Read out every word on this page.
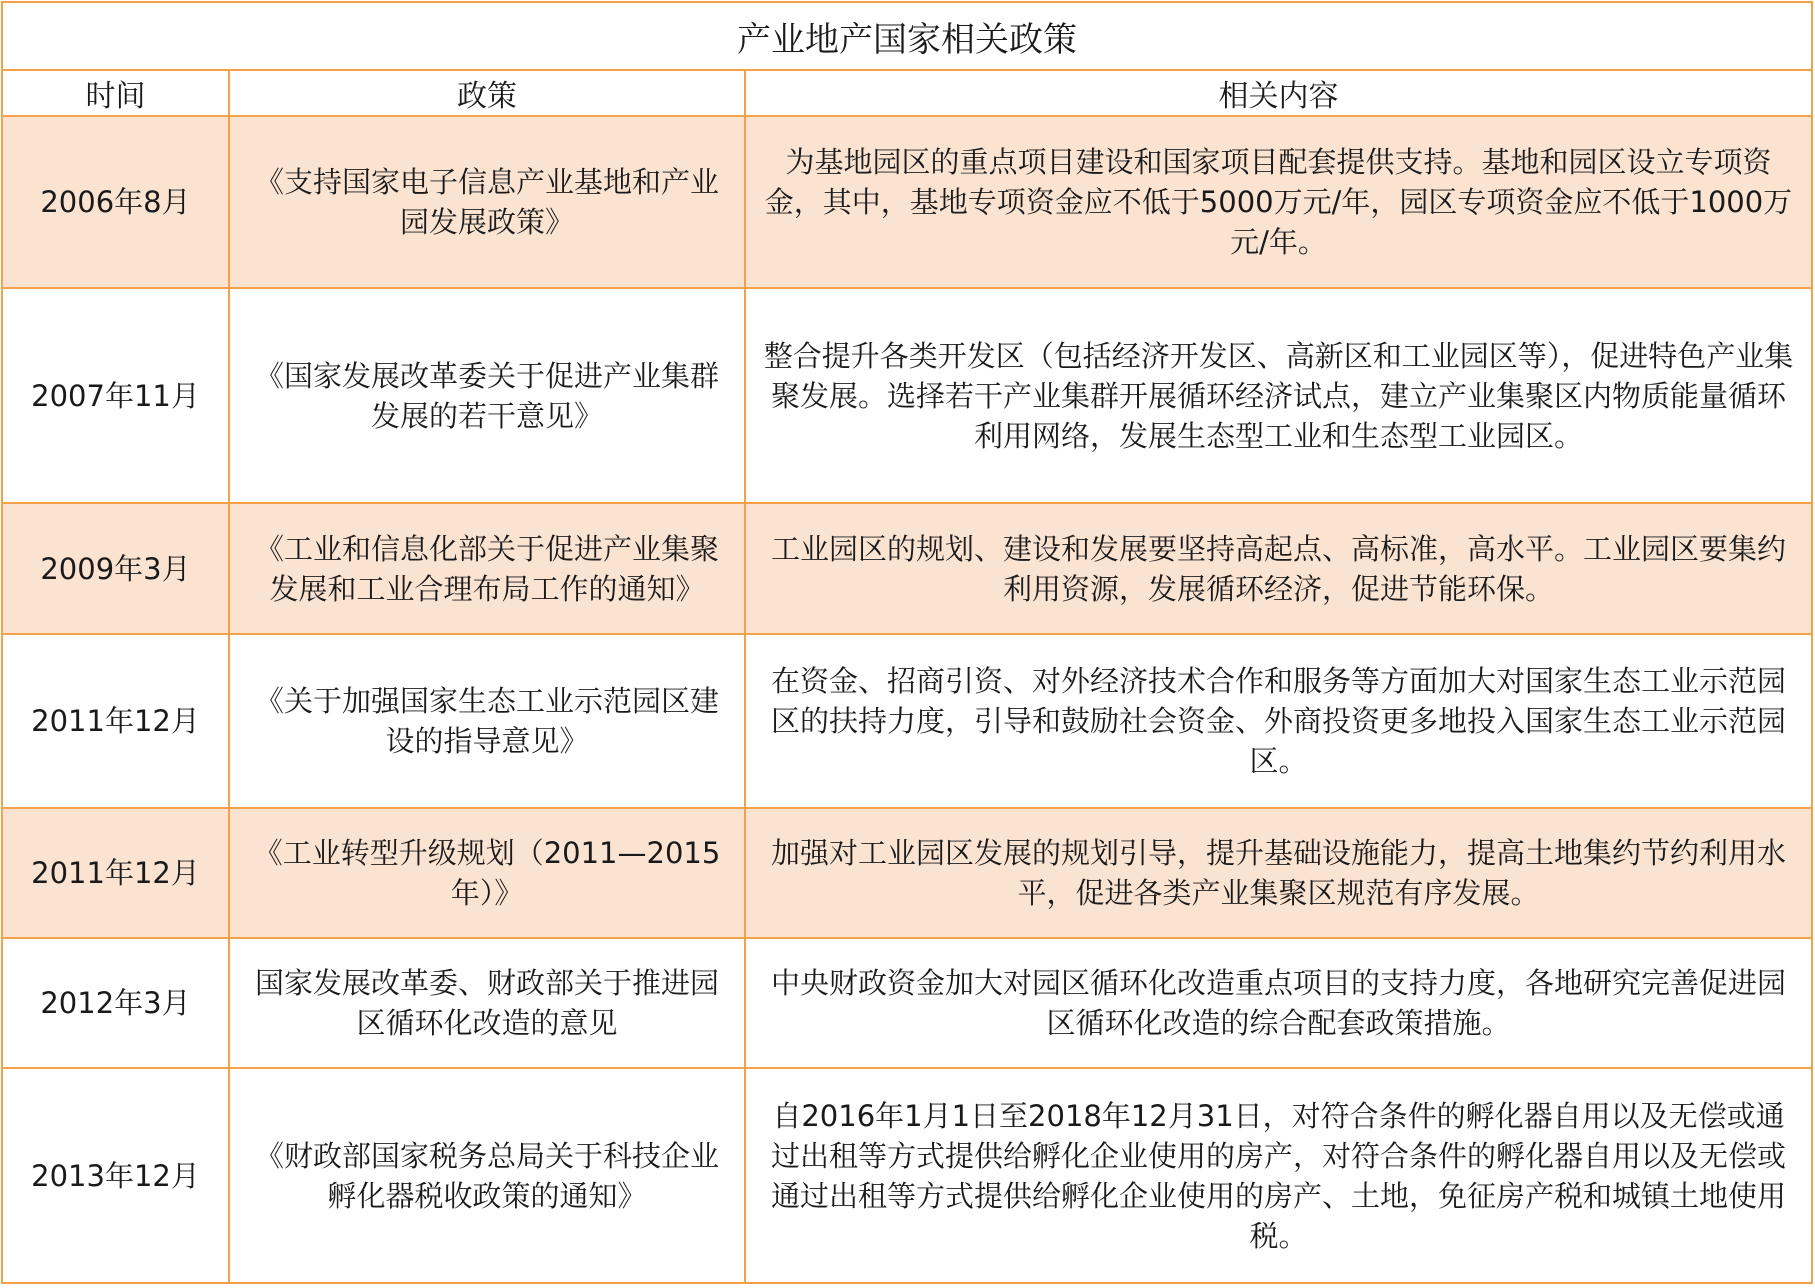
产业地产国家相关政策		
时间	政策	相关内容
2006年8月	《支持国家电子信息产业基地和产业园发展政策》	为基地园区的重点项目建设和国家项目配套提供支持。基地和园区设立专项资金，其中，基地专项资金应不低于5000万元/年，园区专项资金应不低于1000万元/年。
2007年11月	《国家发展改革委关于促进产业集群发展的若干意见》	整合提升各类开发区（包括经济开发区、高新区和工业园区等），促进特色产业集聚发展。选择若干产业集群开展循环经济试点，建立产业集聚区内物质能量循环利用网络，发展生态型工业和生态型工业园区。
2009年3月	《工业和信息化部关于促进产业集聚发展和工业合理布局工作的通知》	工业园区的规划、建设和发展要坚持高起点、高标准，高水平。工业园区要集约利用资源，发展循环经济，促进节能环保。
2011年12月	《关于加强国家生态工业示范园区建设的指导意见》	在资金、招商引资、对外经济技术合作和服务等方面加大对国家生态工业示范园区的扶持力度，引导和鼓励社会资金、外商投资更多地投入国家生态工业示范园区。
2011年12月	《工业转型升级规划（2011—2015年）》	加强对工业园区发展的规划引导，提升基础设施能力，提高土地集约节约利用水平，促进各类产业集聚区规范有序发展。
2012年3月	国家发展改革委、财政部关于推进园区循环化改造的意见	中央财政资金加大对园区循环化改造重点项目的支持力度，各地研究完善促进园区循环化改造的综合配套政策措施。
2013年12月	《财政部国家税务总局关于科技企业孵化器税收政策的通知》	自2016年1月1日至2018年12月31日，对符合条件的孵化器自用以及无偿或通过出租等方式提供给孵化企业使用的房产，对符合条件的孵化器自用以及无偿或通过出租等方式提供给孵化企业使用的房产、土地，免征房产税和城镇土地使用税。
